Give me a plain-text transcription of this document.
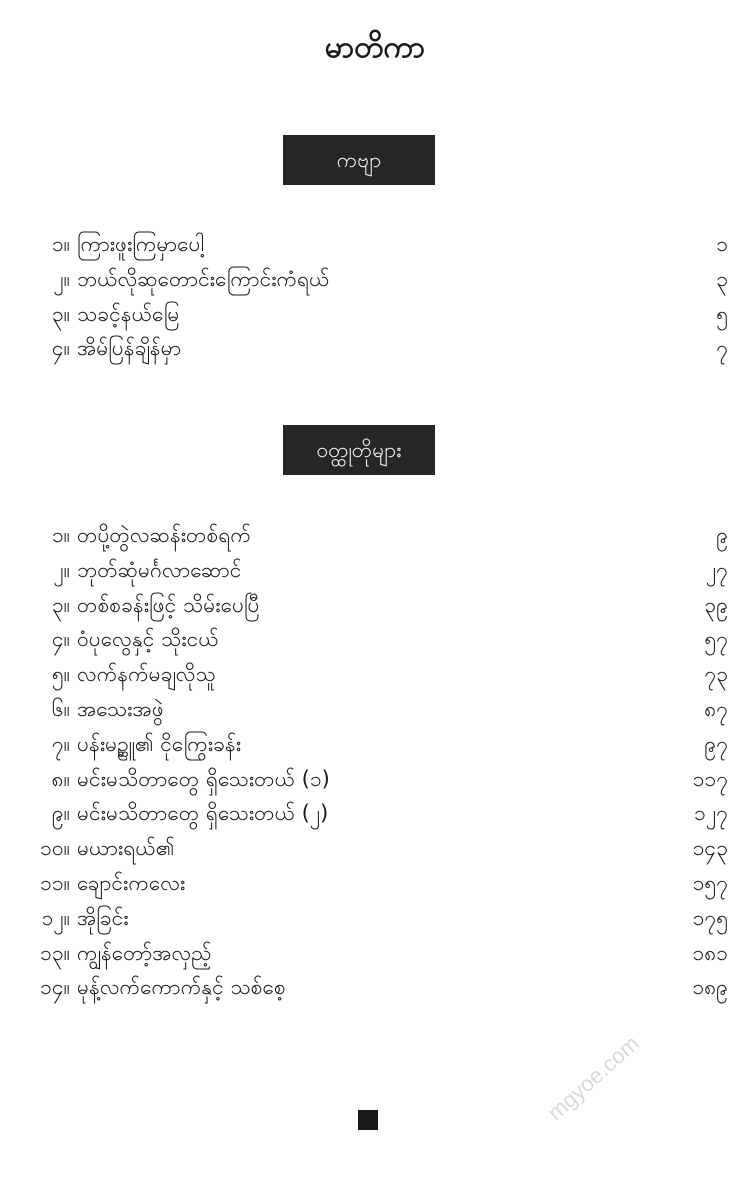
မာတိကာ
ကဗျာ
၁။ ကြားဖူးကြမှာပေါ့	၁
၂။ ဘယ်လိုဆုတောင်းကြောင်းကံရယ်	၃
၃။ သခင့်နယ်မြေ	၅
၄။ အိမ်ပြန်ချိန်မှာ	၇
ဝတ္ထုတိုများ
၁။ တပို့တွဲလဆန်းတစ်ရက်	၉
၂။ ဘုတ်ဆုံမင်္ဂလာဆောင်	၂၇
၃။ တစ်စခန်းဖြင့် သိမ်းပေပြီ	၃၉
၄။ ဝံပုလွေနှင့် သိုးငယ်	၅၇
၅။ လက်နက်မချလိုသူ	၇၃
၆။ အသေးအဖွဲ	၈၇
၇။ ပန်းမဥ္ဆူ၏ ငိုကြွေးခန်း	၉၇
၈။ မင်းမသိတာတွေ ရှိသေးတယ် (၁)	၁၁၇
၉။ မင်းမသိတာတွေ ရှိသေးတယ် (၂)	၁၂၇
၁၀။ မယားရယ်၏	၁၄၃
၁၁။ ချောင်းကလေး	၁၅၇
၁၂။ အိုခြင်း	၁၇၅
၁၃။ ကျွန်တော့်အလှည့်	၁၈၁
၁၄။ မုန့်လက်ကောက်နှင့် သစ်စေ့	၁၈၉
mgyoe.com
